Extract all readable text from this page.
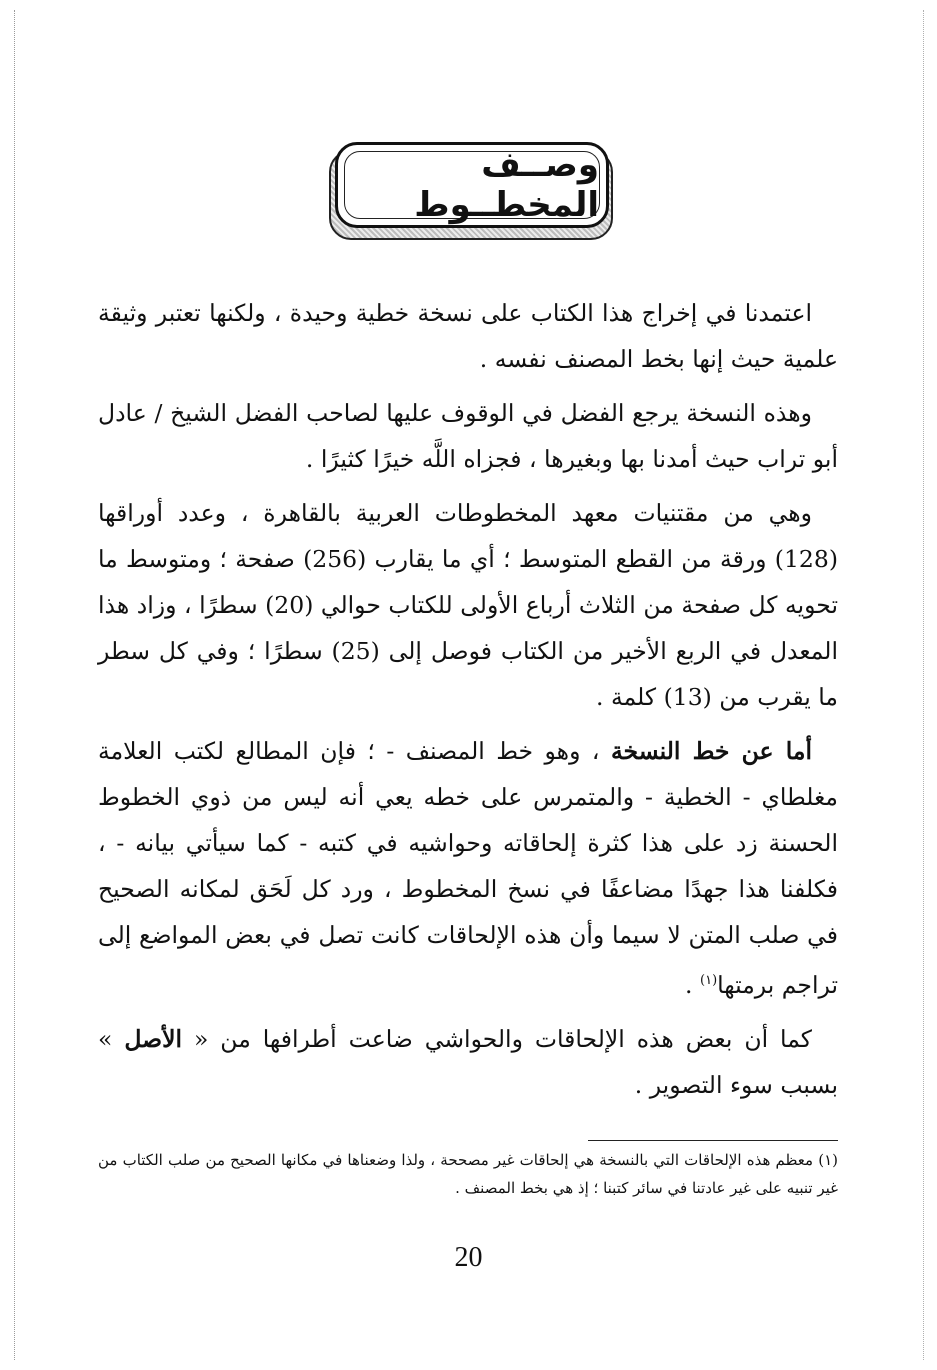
وصــف المخطــوط

اعتمدنا في إخراج هذا الكتاب على نسخة خطية وحيدة ، ولكنها تعتبر وثيقة علمية حيث إنها بخط المصنف نفسه .

وهذه النسخة يرجع الفضل في الوقوف عليها لصاحب الفضل الشيخ / عادل أبو تراب حيث أمدنا بها وبغيرها ، فجزاه اللَّه خيرًا كثيرًا .

وهي من مقتنيات معهد المخطوطات العربية بالقاهرة ، وعدد أوراقها (128) ورقة من القطع المتوسط ؛ أي ما يقارب (256) صفحة ؛ ومتوسط ما تحويه كل صفحة من الثلاث أرباع الأولى للكتاب حوالي (20) سطرًا ، وزاد هذا المعدل في الربع الأخير من الكتاب فوصل إلى (25) سطرًا ؛ وفي كل سطر ما يقرب من (13) كلمة .

أما عن خط النسخة ، وهو خط المصنف - ؛ فإن المطالع لكتب العلامة مغلطاي - الخطية - والمتمرس على خطه يعي أنه ليس من ذوي الخطوط الحسنة زد على هذا كثرة إلحاقاته وحواشيه في كتبه - كما سيأتي بيانه - ، فكلفنا هذا جهدًا مضاعفًا في نسخ المخطوط ، ورد كل لَحَق لمكانه الصحيح في صلب المتن لا سيما وأن هذه الإلحاقات كانت تصل في بعض المواضع إلى تراجم برمتها$^{(١)}$ .

كما أن بعض هذه الإلحاقات والحواشي ضاعت أطرافها من « الأصل » بسبب سوء التصوير .

(١) معظم هذه الإلحاقات التي بالنسخة هي إلحاقات غير مصححة ، ولذا وضعناها في مكانها الصحيح من صلب الكتاب من غير تنبيه على غير عادتنا في سائر كتبنا ؛ إذ هي بخط المصنف .
20
